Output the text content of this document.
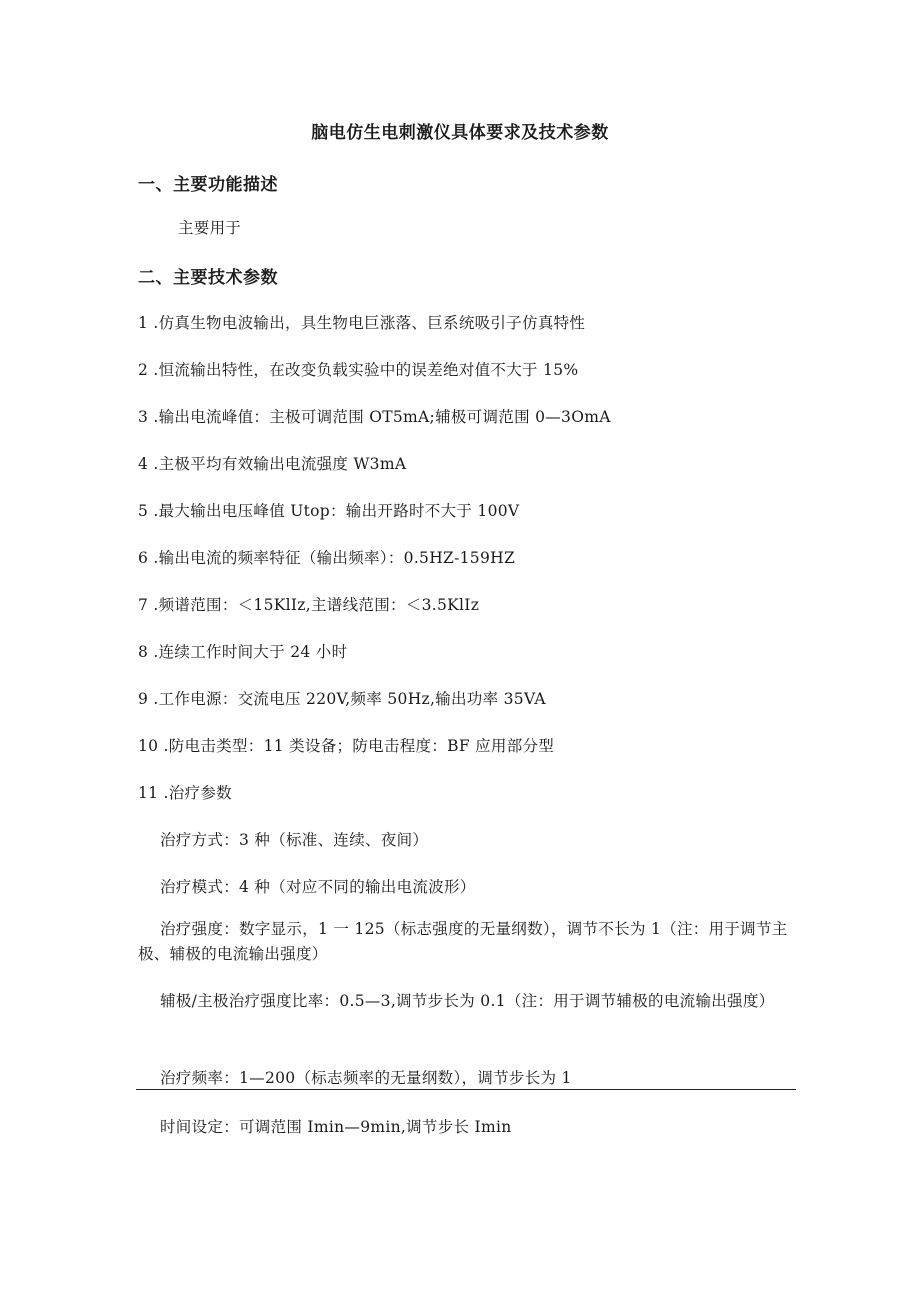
脑电仿生电刺激仪具体要求及技术参数
一、主要功能描述
主要用于
二、主要技术参数
1 .仿真生物电波输出，具生物电巨涨落、巨系统吸引子仿真特性
2 .恒流输出特性，在改变负载实验中的误差绝对值不大于 15%
3 .输出电流峰值：主极可调范围 OT5mA;辅极可调范围 0—3OmA
4 .主极平均有效输出电流强度 W3mA
5 .最大输出电压峰值 Utop：输出开路时不大于 100V
6 .输出电流的频率特征（输出频率）：0.5HZ-159HZ
7 .频谱范围：＜15KlIz,主谱线范围：＜3.5KlIz
8 .连续工作时间大于 24 小时
9 .工作电源：交流电压 220V,频率 50Hz,输出功率 35VA
10 .防电击类型：11 类设备；防电击程度：BF 应用部分型
11 .治疗参数
治疗方式：3 种（标准、连续、夜间）
治疗模式：4 种（对应不同的输出电流波形）
治疗强度：数字显示，1 一 125（标志强度的无量纲数），调节不长为 1（注：用于调节主极、辅极的电流输出强度）
辅极/主极治疗强度比率：0.5—3,调节步长为 0.1（注：用于调节辅极的电流输出强度）
治疗频率：1—200（标志频率的无量纲数），调节步长为 1
时间设定：可调范围 Imin—9min,调节步长 Imin
